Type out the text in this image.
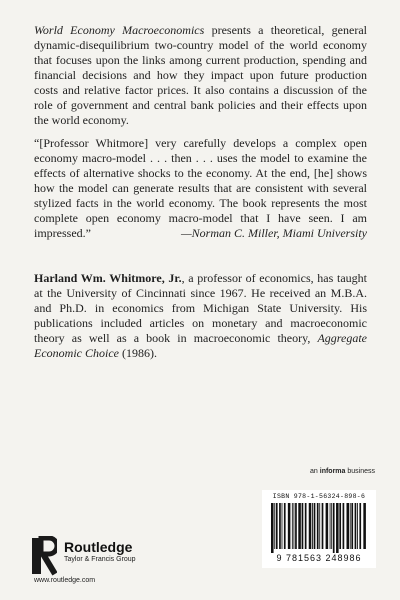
World Economy Macroeconomics presents a theoretical, general dynamic-disequilibrium two-country model of the world economy that focuses upon the links among current production, spending and financial decisions and how they impact upon future production costs and relative factor prices. It also contains a discussion of the role of government and central bank policies and their effects upon the world economy.

“[Professor Whitmore] very carefully develops a complex open economy macro-model . . . then . . . uses the model to examine the effects of alternative shocks to the economy. At the end, [he] shows how the model can generate results that are consistent with several stylized facts in the world economy. The book represents the most complete open economy macro-model that I have seen. I am impressed.”	—Norman C. Miller, Miami University

Harland Wm. Whitmore, Jr., a professor of economics, has taught at the University of Cincinnati since 1967. He received an M.B.A. and Ph.D. in economics from Michigan State University. His publications included articles on monetary and macroeconomic theory as well as a book in macroeconomic theory, Aggregate Economic Choice (1986).

an informa business
Routledge
Taylor & Francis Group
www.routledge.com
ISBN 978-1-56324-898-6
9 781563 248986
